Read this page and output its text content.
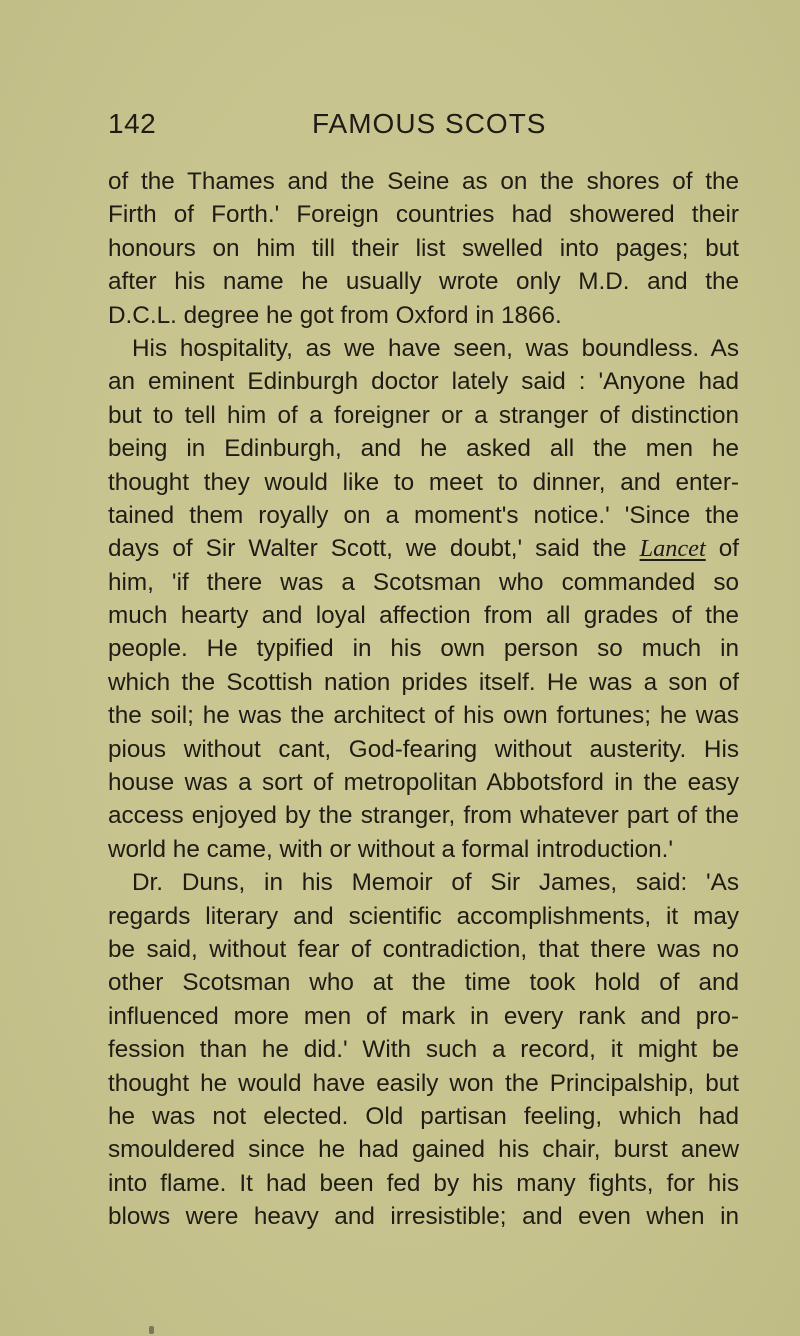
142	FAMOUS SCOTS
of the Thames and the Seine as on the shores of the
Firth of Forth.' Foreign countries had showered their
honours on him till their list swelled into pages; but
after his name he usually wrote only M.D. and the
D.C.L. degree he got from Oxford in 1866.
His hospitality, as we have seen, was boundless. As
an eminent Edinburgh doctor lately said : 'Anyone had
but to tell him of a foreigner or a stranger of distinction
being in Edinburgh, and he asked all the men he
thought they would like to meet to dinner, and enter-
tained them royally on a moment's notice.' 'Since the
days of Sir Walter Scott, we doubt,' said the Lancet of
him, 'if there was a Scotsman who commanded so
much hearty and loyal affection from all grades of the
people. He typified in his own person so much in
which the Scottish nation prides itself. He was a son of
the soil; he was the architect of his own fortunes; he was
pious without cant, God-fearing without austerity. His
house was a sort of metropolitan Abbotsford in the easy
access enjoyed by the stranger, from whatever part of the
world he came, with or without a formal introduction.'
Dr. Duns, in his Memoir of Sir James, said: 'As
regards literary and scientific accomplishments, it may
be said, without fear of contradiction, that there was no
other Scotsman who at the time took hold of and
influenced more men of mark in every rank and pro-
fession than he did.' With such a record, it might be
thought he would have easily won the Principalship, but
he was not elected. Old partisan feeling, which had
smouldered since he had gained his chair, burst anew
into flame. It had been fed by his many fights, for his
blows were heavy and irresistible; and even when in
